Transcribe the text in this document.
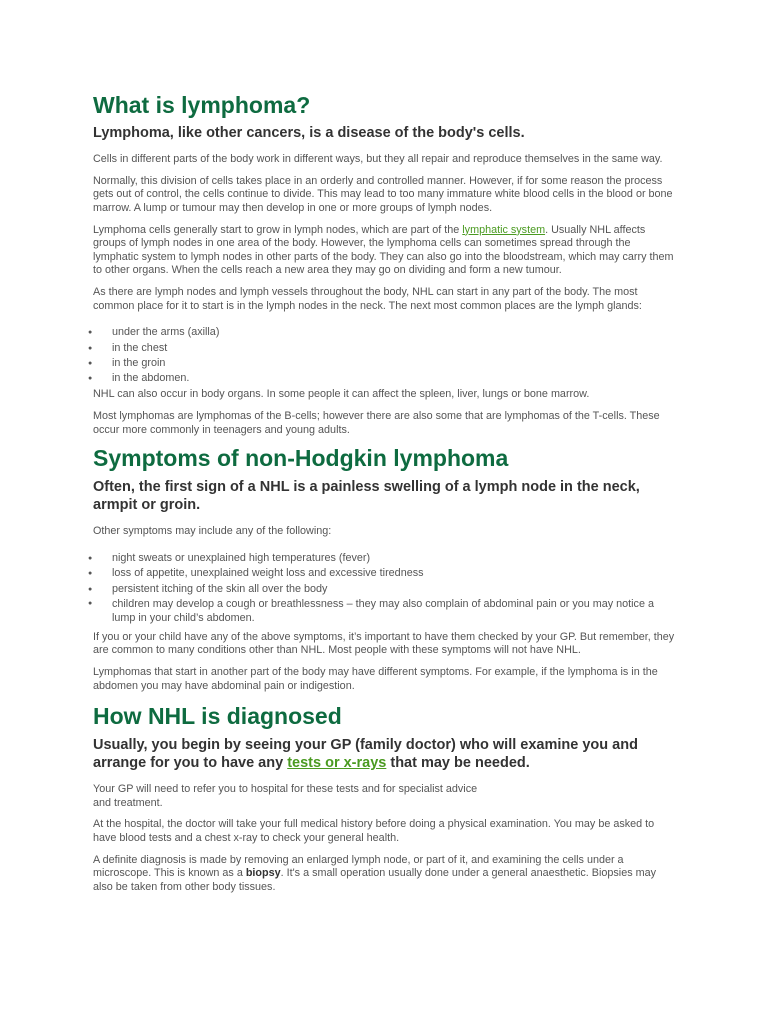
What is lymphoma?
Lymphoma, like other cancers, is a disease of the body's cells.

Cells in different parts of the body work in different ways, but they all repair and reproduce themselves in the same way.

Normally, this division of cells takes place in an orderly and controlled manner. However, if for some reason the process gets out of control, the cells continue to divide. This may lead to too many immature white blood cells in the blood or bone marrow. A lump or tumour may then develop in one or more groups of lymph nodes.

Lymphoma cells generally start to grow in lymph nodes, which are part of the lymphatic system. Usually NHL affects groups of lymph nodes in one area of the body. However, the lymphoma cells can sometimes spread through the lymphatic system to lymph nodes in other parts of the body. They can also go into the bloodstream, which may carry them to other organs. When the cells reach a new area they may go on dividing and form a new tumour.

As there are lymph nodes and lymph vessels throughout the body, NHL can start in any part of the body. The most common place for it to start is in the lymph nodes in the neck. The next most common places are the lymph glands:

● under the arms (axilla)
● in the chest
● in the groin
● in the abdomen.

NHL can also occur in body organs. In some people it can affect the spleen, liver, lungs or bone marrow.

Most lymphomas are lymphomas of the B-cells; however there are also some that are lymphomas of the T-cells. These occur more commonly in teenagers and young adults.

Symptoms of non-Hodgkin lymphoma
Often, the first sign of a NHL is a painless swelling of a lymph node in the neck, armpit or groin.

Other symptoms may include any of the following:

● night sweats or unexplained high temperatures (fever)
● loss of appetite, unexplained weight loss and excessive tiredness
● persistent itching of the skin all over the body
● children may develop a cough or breathlessness – they may also complain of abdominal pain or you may notice a lump in your child’s abdomen.

If you or your child have any of the above symptoms, it’s important to have them checked by your GP. But remember, they are common to many conditions other than NHL. Most people with these symptoms will not have NHL.

Lymphomas that start in another part of the body may have different symptoms. For example, if the lymphoma is in the abdomen you may have abdominal pain or indigestion.

How NHL is diagnosed
Usually, you begin by seeing your GP (family doctor) who will examine you and arrange for you to have any tests or x-rays that may be needed.

Your GP will need to refer you to hospital for these tests and for specialist advice
and treatment.

At the hospital, the doctor will take your full medical history before doing a physical examination. You may be asked to have blood tests and a chest x-ray to check your general health.

A definite diagnosis is made by removing an enlarged lymph node, or part of it, and examining the cells under a microscope. This is known as a biopsy. It's a small operation usually done under a general anaesthetic. Biopsies may also be taken from other body tissues.
